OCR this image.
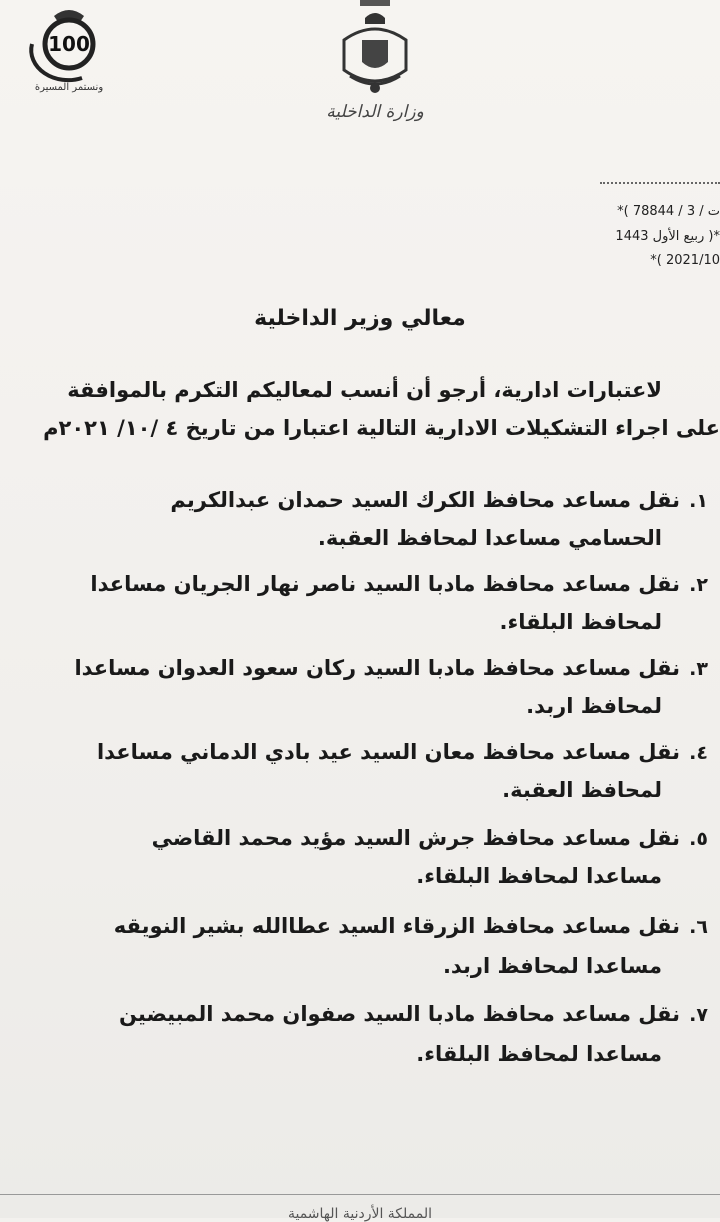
100
ونستمر المسيرة
وزارة الداخلية
*( 78844 / ت / 3
ربيع الأول 1443 )*
*( 2021/10
معالي وزير الداخلية
لاعتبارات ادارية، أرجو أن أنسب لمعاليكم التكرم بالموافقة
على اجراء التشكيلات الادارية التالية اعتبارا من تاريخ ٤ /١٠/ ٢٠٢١م
١.
نقل مساعد محافظ الكرك السيد حمدان عبدالكريم
الحسامي مساعدا لمحافظ العقبة.
٢.
نقل مساعد محافظ مادبا السيد ناصر نهار الجريان مساعدا
لمحافظ البلقاء.
٣.
نقل مساعد محافظ مادبا السيد ركان سعود العدوان مساعدا
لمحافظ اربد.
٤.
نقل مساعد محافظ معان السيد عيد بادي الدماني مساعدا
لمحافظ العقبة.
٥.
نقل مساعد محافظ جرش السيد مؤيد محمد القاضي
مساعدا لمحافظ البلقاء.
٦.
نقل مساعد محافظ الزرقاء السيد عطاالله بشير النويقه
مساعدا لمحافظ اربد.
٧.
نقل مساعد محافظ مادبا السيد صفوان محمد المبيضين
مساعدا لمحافظ البلقاء.
المملكة الأردنية الهاشمية
